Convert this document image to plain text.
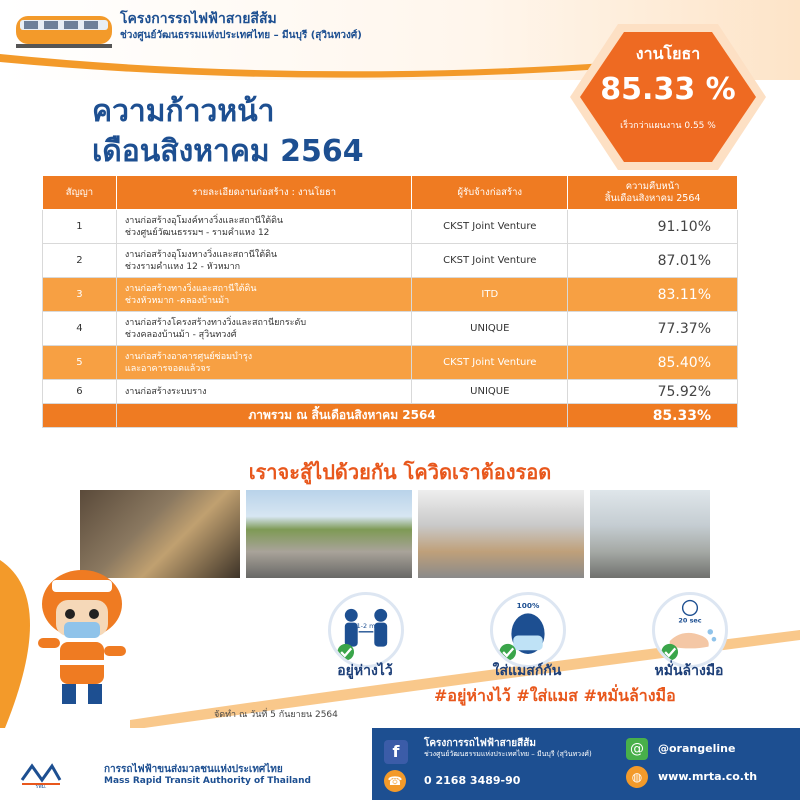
โครงการรถไฟฟ้าสายสีส้ม
ช่วงศูนย์วัฒนธรรมแห่งประเทศไทย – มีนบุรี (สุวินทวงศ์)
งานโยธา
85.33 %
เร็วกว่าแผนงาน 0.55 %
ความก้าวหน้า
เดือนสิงหาคม 2564
สัญญา	รายละเอียดงานก่อสร้าง : งานโยธา	ผู้รับจ้างก่อสร้าง	ความคืบหน้า
สิ้นเดือนสิงหาคม 2564

1	งานก่อสร้างอุโมงค์ทางวิ่งและสถานีใต้ดิน
ช่วงศูนย์วัฒนธรรมฯ - รามคำแหง 12	CKST Joint Venture	91.10%
2	งานก่อสร้างอุโมงทางวิ่งและสถานีใต้ดิน
ช่วงรามคำแหง 12 - หัวหมาก	CKST Joint Venture	87.01%
3	งานก่อสร้างทางวิ่งและสถานีใต้ดิน
ช่วงหัวหมาก -คลองบ้านม้า	ITD	83.11%
4	งานก่อสร้างโครงสร้างทางวิ่งและสถานียกระดับ
ช่วงคลองบ้านม้า - สุวินทวงศ์	UNIQUE	77.37%
5	งานก่อสร้างอาคารศูนย์ซ่อมบำรุง
และอาคารจอดแล้วจร	CKST Joint Venture	85.40%
6	งานก่อสร้างระบบราง	UNIQUE	75.92%
	ภาพรวม ณ สิ้นเดือนสิงหาคม 2564		85.33%
เราจะสู้ไปด้วยกัน โควิดเราต้องรอด
1-2 m
100%
20 sec
อยู่ห่างไว้	ใส่แมสก์กัน	หมั่นล้างมือ
#อยู่ห่างไว้ #ใส่แมส #หมั่นล้างมือ
จัดทำ ณ วันที่ 5 กันยายน 2564
รฟม.
การรถไฟฟ้าขนส่งมวลชนแห่งประเทศไทย
Mass Rapid Transit Authority of Thailand
f	โครงการรถไฟฟ้าสายสีส้ม
ช่วงศูนย์วัฒนธรรมแห่งประเทศไทย – มีนบุรี (สุวินทวงศ์)
☎	0 2168 3489-90
@	@orangeline
◍	www.mrta.co.th
